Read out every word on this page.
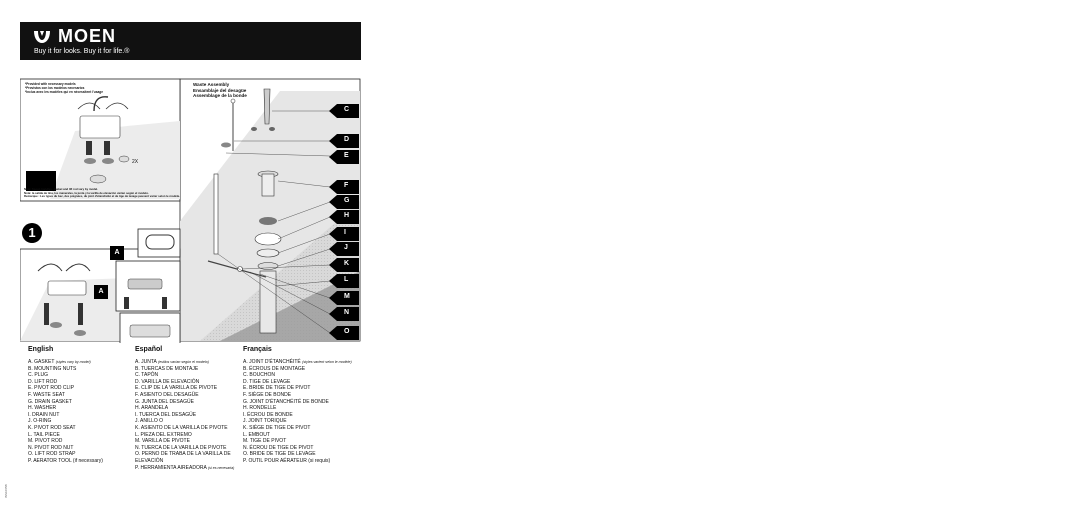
MOEN
Buy it for looks. Buy it for life.®
C
D
E
F
G
H
I
J
K
L
M
N
O
A
A
1
Waste Assembly
Ensamblaje del desagüe
Assemblage de la bonde
*Provided with necessary models
*Provistos con los modelos necesarios
*Inclus avec les modèles qui en nécessitent l'usage
Foam Gasket
Empaque de espuma
le joint en mousse
2X
Note: Spout, handles, gasket and lift rod vary by model.
Nota: la salida de tina, los manerales, la junta y la varilla de elevación varían según el modelo.
Remarque : Les types du bec, des poignées, du joint d'étanchéité et de tige de levage peuvent varier selon le modèle.
English
A. GASKET (styles vary by model)
B. MOUNTING NUTS
C. PLUG
D. LIFT ROD
E. PIVOT ROD CLIP
F. WASTE SEAT
G. DRAIN GASKET
H. WASHER
I. DRAIN NUT
J. O-RING
K. PIVOT ROD SEAT
L. TAIL PIECE
M. PIVOT ROD
N. PIVOT ROD NUT
O. LIFT ROD STRAP
P. AERATOR TOOL (if necessary)
Español
A. JUNTA (estilos varían según el modelo)
B. TUERCAS DE MONTAJE
C. TAPÓN
D. VARILLA DE ELEVACIÓN
E. CLIP DE LA VARILLA DE PIVOTE
F. ASIENTO DEL DESAGÜE
G. JUNTA DEL DESAGÜE
H. ARANDELA
I. TUERCA DEL DESAGÜE
J. ANILLO O
K. ASIENTO DE LA VARILLA DE PIVOTE
L. PIEZA DEL EXTREMO
M. VARILLA DE PIVOTE
N. TUERCA DE LA VARILLA DE PIVOTE
O. PERNO DE TRABA DE LA VARILLA DE ELEVACIÓN
P. HERRAMIENTA AIREADORA (si es necesaria)
Français
A. JOINT D'ÉTANCHÉITÉ (styles varient selon le modèle)
B. ÉCROUS DE MONTAGE
C. BOUCHON
D. TIGE DE LEVAGE
E. BRIDE DE TIGE DE PIVOT
F. SIÈGE DE BONDE
G. JOINT D'ÉTANCHÉITÉ DE BONDE
H. RONDELLE
I. ÉCROU DE BONDE
J. JOINT TORIQUE
K. SIÈGE DE TIGE DE PIVOT
L. EMBOUT
M. TIGE DE PIVOT
N. ÉCROU DE TIGE DE PIVOT
O. BRIDE DE TIGE DE LEVAGE
P. OUTIL POUR AÉRATEUR (si requis)
INS1065B
